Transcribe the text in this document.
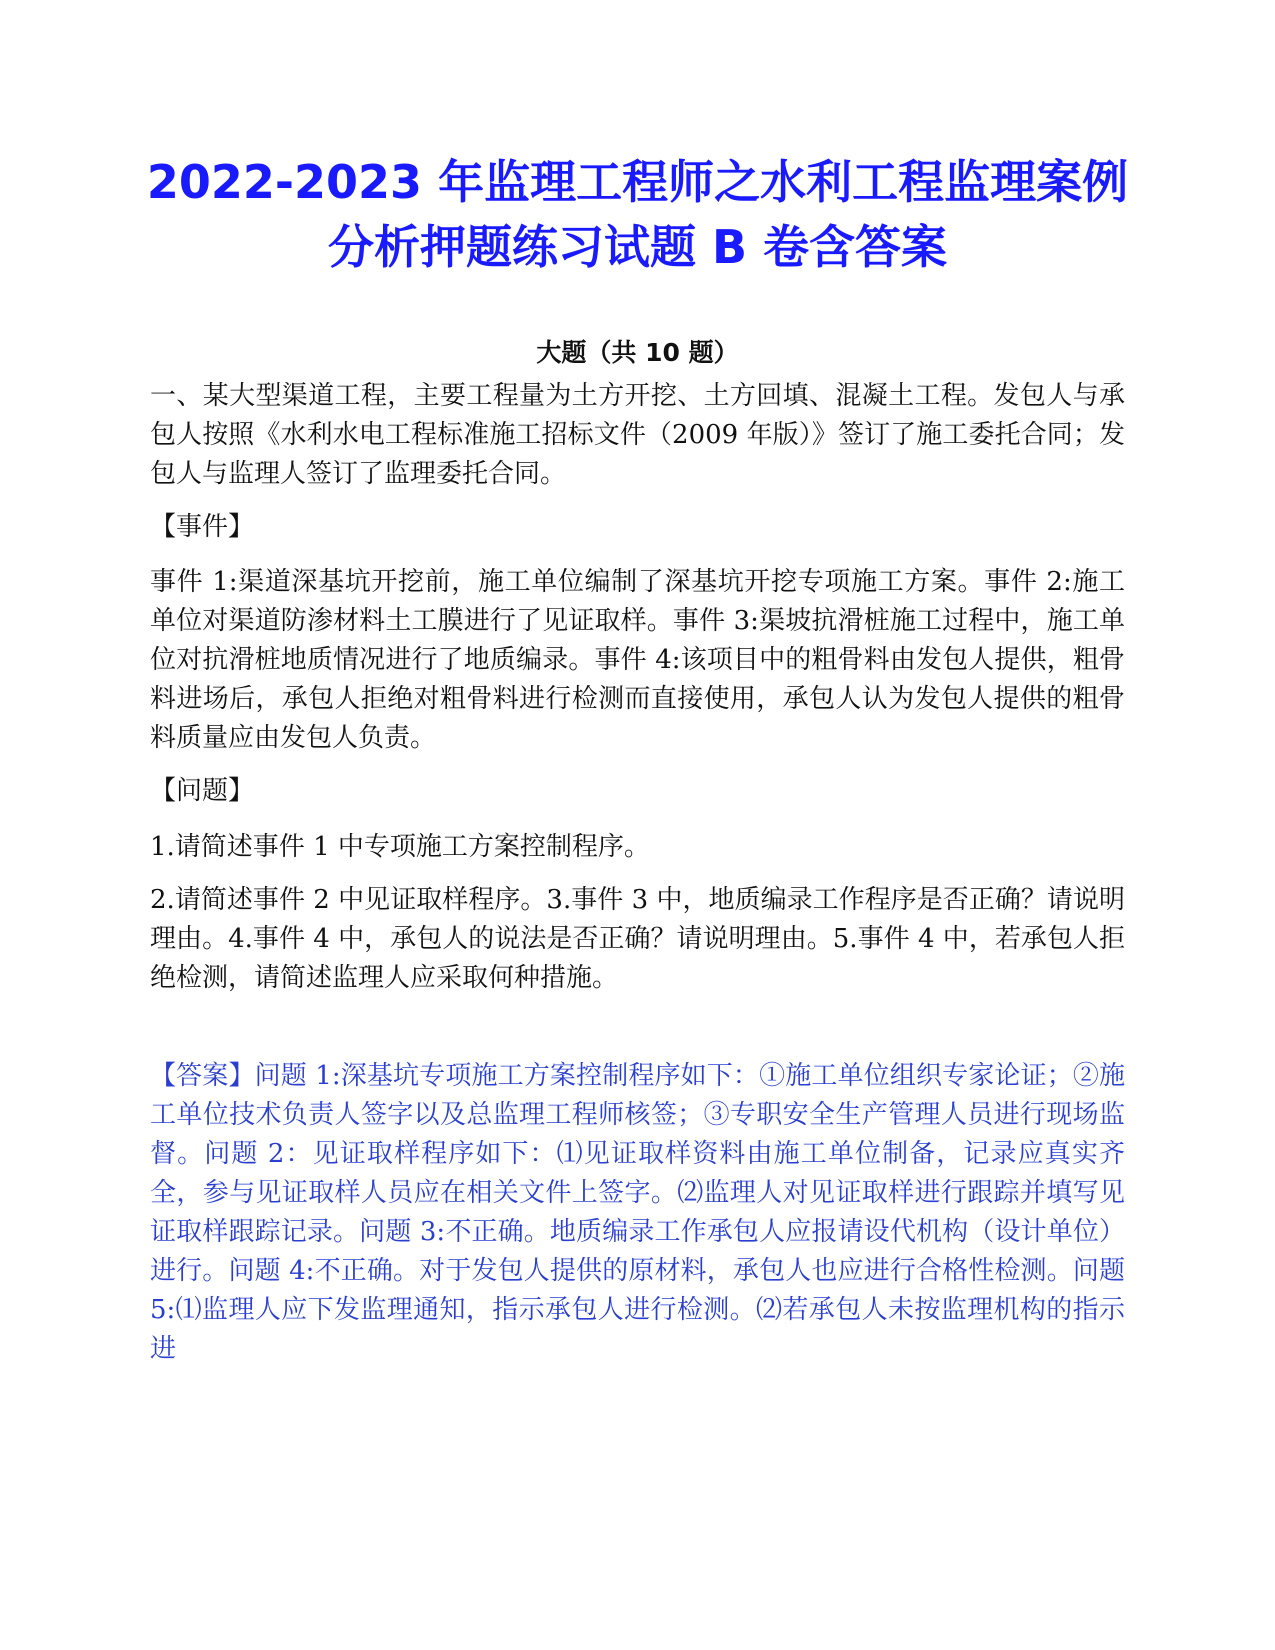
2022-2023 年监理工程师之水利工程监理案例分析押题练习试题 B 卷含答案
大题（共 10 题）

一、某大型渠道工程，主要工程量为土方开挖、土方回填、混凝土工程。发包人与承包人按照《水利水电工程标准施工招标文件（2009 年版）》签订了施工委托合同；发包人与监理人签订了监理委托合同。

【事件】

事件 1:渠道深基坑开挖前，施工单位编制了深基坑开挖专项施工方案。事件 2:施工单位对渠道防渗材料土工膜进行了见证取样。事件 3:渠坡抗滑桩施工过程中，施工单位对抗滑桩地质情况进行了地质编录。事件 4:该项目中的粗骨料由发包人提供，粗骨料进场后，承包人拒绝对粗骨料进行检测而直接使用，承包人认为发包人提供的粗骨料质量应由发包人负责。

【问题】

1.请简述事件 1 中专项施工方案控制程序。

2.请简述事件 2 中见证取样程序。3.事件 3 中，地质编录工作程序是否正确？请说明理由。4.事件 4 中，承包人的说法是否正确？请说明理由。5.事件 4 中，若承包人拒绝检测，请简述监理人应采取何种措施。

【答案】问题 1:深基坑专项施工方案控制程序如下：①施工单位组织专家论证；②施工单位技术负责人签字以及总监理工程师核签；③专职安全生产管理人员进行现场监督。问题 2：见证取样程序如下：⑴见证取样资料由施工单位制备，记录应真实齐全，参与见证取样人员应在相关文件上签字。⑵监理人对见证取样进行跟踪并填写见证取样跟踪记录。问题 3:不正确。地质编录工作承包人应报请设代机构（设计单位）进行。问题 4:不正确。对于发包人提供的原材料，承包人也应进行合格性检测。问题 5:⑴监理人应下发监理通知，指示承包人进行检测。⑵若承包人未按监理机构的指示进
